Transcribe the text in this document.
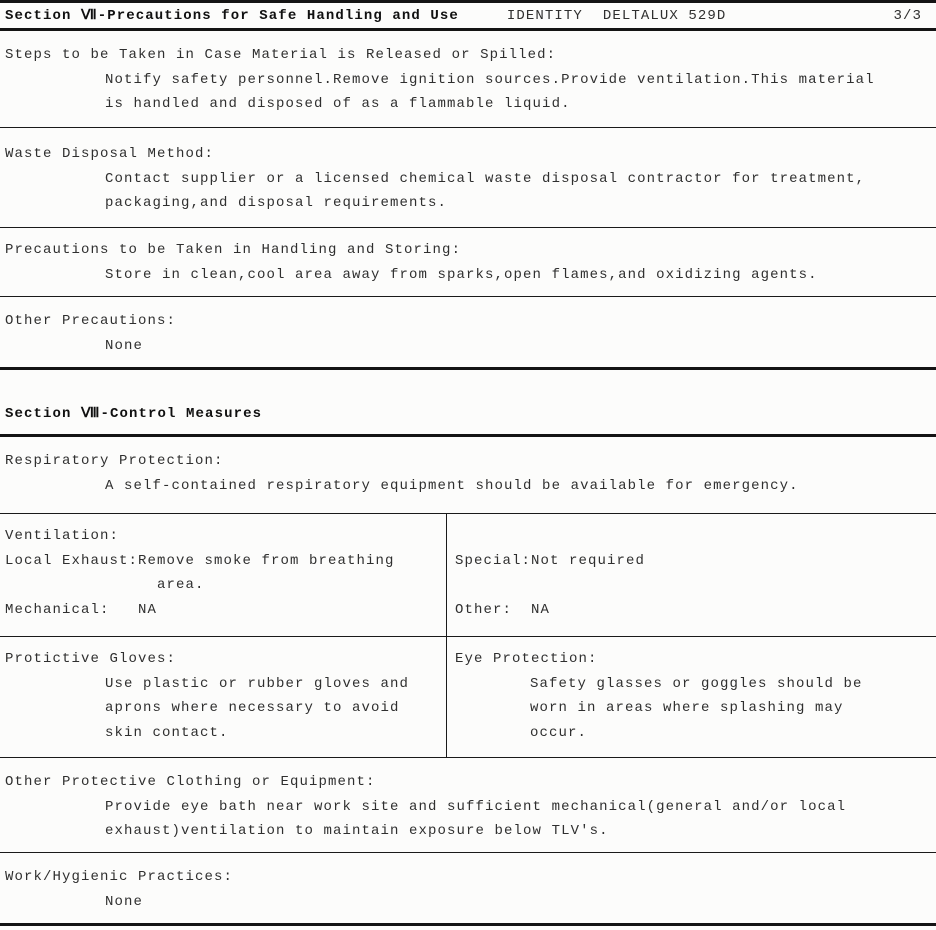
Section Ⅶ-Precautions for Safe Handling and Use	IDENTITY DELTALUX 529D	3/3
Steps to be Taken in Case Material is Released or Spilled:
Notify safety personnel.Remove ignition sources.Provide ventilation.This material
is handled and disposed of as a flammable liquid.
Waste Disposal Method:
Contact supplier or a licensed chemical waste disposal contractor for treatment,
packaging,and disposal requirements.
Precautions to be Taken in Handling and Storing:
Store in clean,cool area away from sparks,open flames,and oxidizing agents.
Other Precautions:
None
Section Ⅷ-Control Measures
Respiratory Protection:
A self-contained respiratory equipment should be available for emergency.
Ventilation:
Local Exhaust:Remove smoke from breathing
area.
Mechanical:   NA
Special:Not required
Other:  NA
Protictive Gloves:
Use plastic or rubber gloves and
aprons where necessary to avoid
skin contact.
Eye Protection:
Safety glasses or goggles should be
worn in areas where splashing may
occur.
Other Protective Clothing or Equipment:
Provide eye bath near work site and sufficient mechanical(general and/or local
exhaust)ventilation to maintain exposure below TLV's.
Work/Hygienic Practices:
None
